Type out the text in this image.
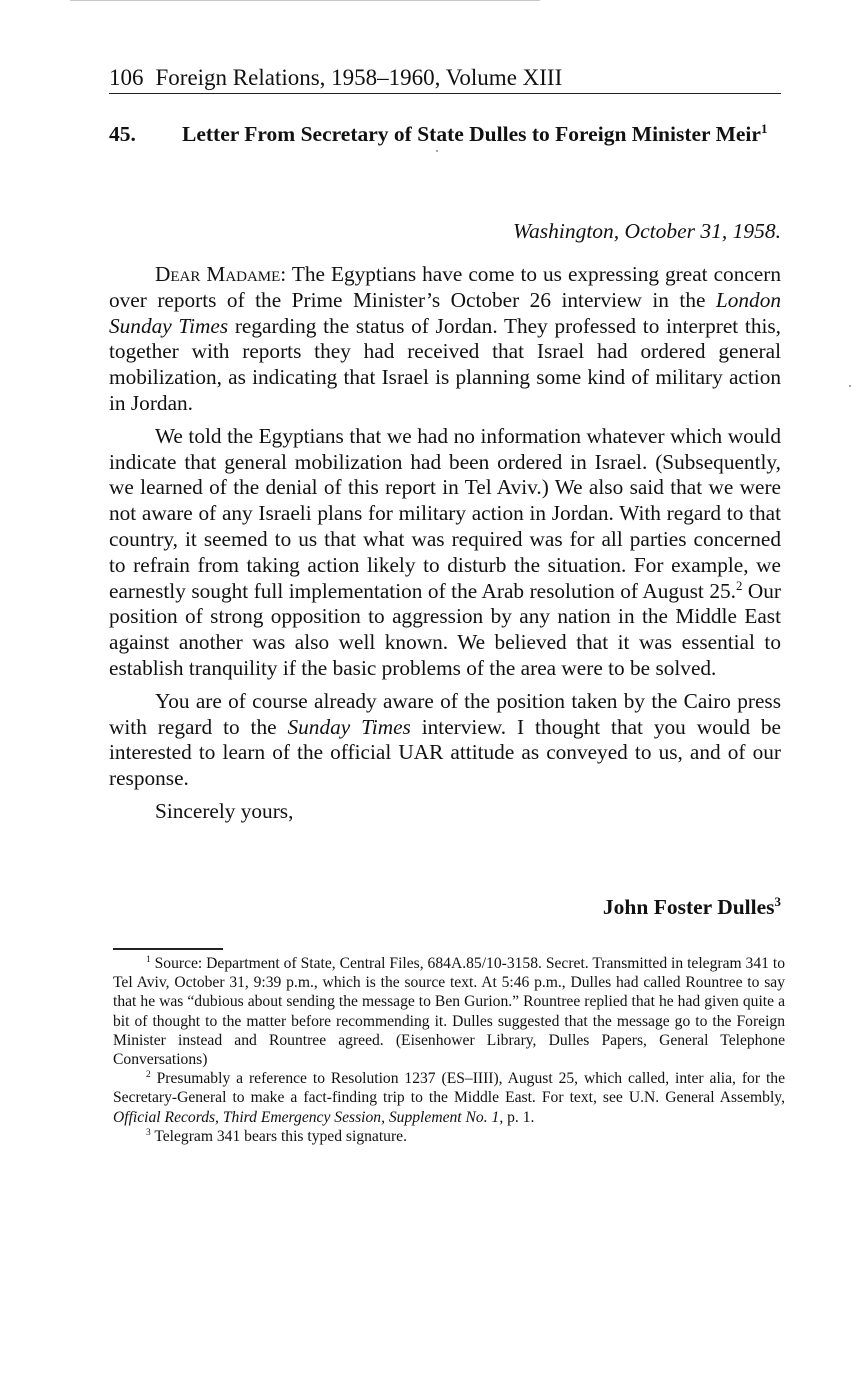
106 Foreign Relations, 1958–1960, Volume XIII
45. Letter From Secretary of State Dulles to Foreign Minister Meir$^1$
Washington, October 31, 1958.

Dear Madame: The Egyptians have come to us expressing great concern over reports of the Prime Minister’s October 26 interview in the London Sunday Times regarding the status of Jordan. They professed to interpret this, together with reports they had received that Israel had ordered general mobilization, as indicating that Israel is planning some kind of military action in Jordan.

We told the Egyptians that we had no information whatever which would indicate that general mobilization had been ordered in Israel. (Subsequently, we learned of the denial of this report in Tel Aviv.) We also said that we were not aware of any Israeli plans for military action in Jordan. With regard to that country, it seemed to us that what was required was for all parties concerned to refrain from taking action likely to disturb the situation. For example, we earnestly sought full implementation of the Arab resolution of August 25.$^2$ Our position of strong opposition to aggression by any nation in the Middle East against another was also well known. We believed that it was essential to establish tranquility if the basic problems of the area were to be solved.

You are of course already aware of the position taken by the Cairo press with regard to the Sunday Times interview. I thought that you would be interested to learn of the official UAR attitude as conveyed to us, and of our response.

Sincerely yours,

John Foster Dulles$^3$

$^1$ Source: Department of State, Central Files, 684A.85/10-3158. Secret. Transmitted in telegram 341 to Tel Aviv, October 31, 9:39 p.m., which is the source text. At 5:46 p.m., Dulles had called Rountree to say that he was “dubious about sending the message to Ben Gurion.” Rountree replied that he had given quite a bit of thought to the matter before recommending it. Dulles suggested that the message go to the Foreign Minister instead and Rountree agreed. (Eisenhower Library, Dulles Papers, General Telephone Conversations)

$^2$ Presumably a reference to Resolution 1237 (ES–IIII), August 25, which called, inter alia, for the Secretary-General to make a fact-finding trip to the Middle East. For text, see U.N. General Assembly, Official Records, Third Emergency Session, Supplement No. 1, p. 1.

$^3$ Telegram 341 bears this typed signature.
